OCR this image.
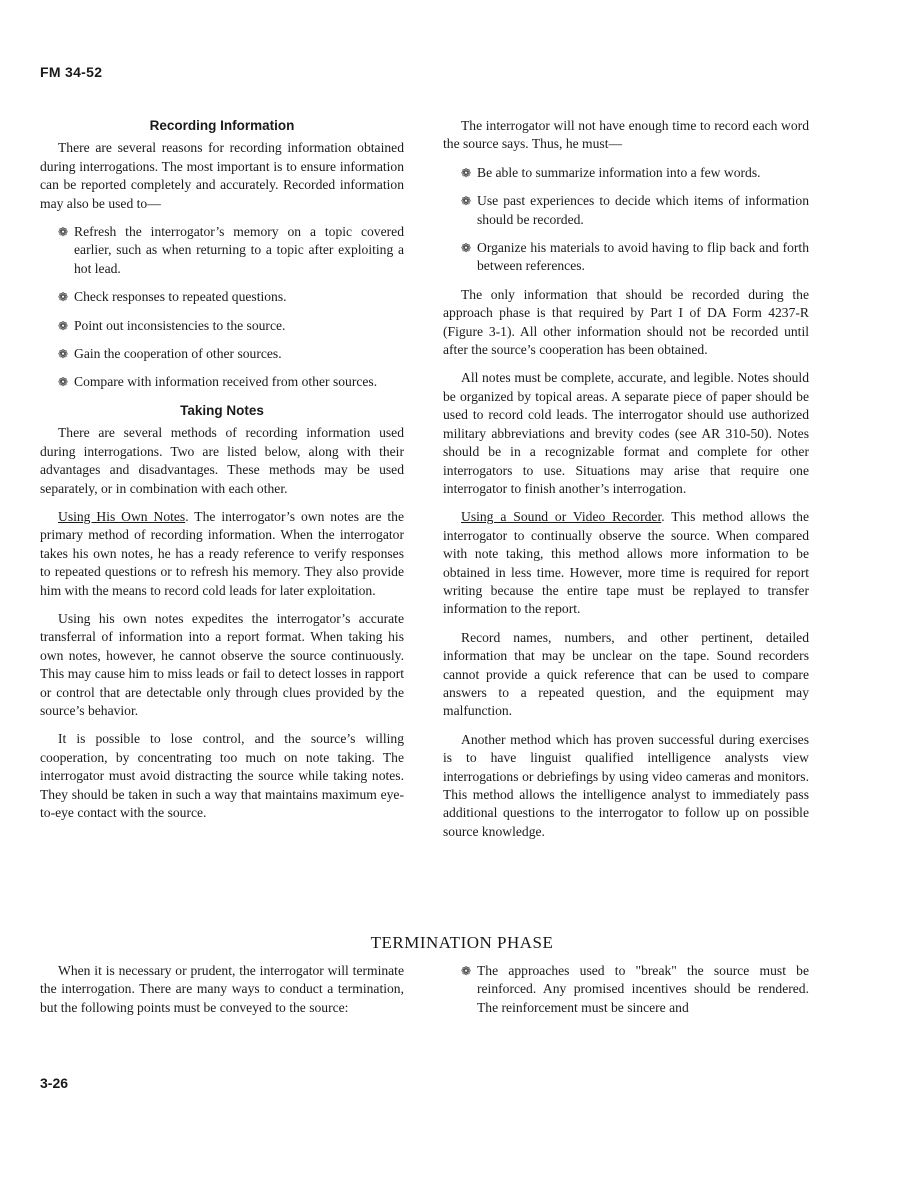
FM 34-52
Recording Information

There are several reasons for recording information obtained during interrogations. The most important is to ensure information can be reported completely and accurately. Recorded information may also be used to—

❁ Refresh the interrogator’s memory on a topic covered earlier, such as when returning to a topic after exploiting a hot lead.
❁ Check responses to repeated questions.
❁ Point out inconsistencies to the source.
❁ Gain the cooperation of other sources.
❁ Compare with information received from other sources.
Taking Notes

There are several methods of recording information used during interrogations. Two are listed below, along with their advantages and disadvantages. These methods may be used separately, or in combination with each other.

Using His Own Notes. The interrogator’s own notes are the primary method of recording information. When the interrogator takes his own notes, he has a ready reference to verify responses to repeated questions or to refresh his memory. They also provide him with the means to record cold leads for later exploitation.

Using his own notes expedites the interrogator’s accurate transferral of information into a report format. When taking his own notes, however, he cannot observe the source continuously. This may cause him to miss leads or fail to detect losses in rapport or control that are detectable only through clues provided by the source’s behavior.

It is possible to lose control, and the source’s willing cooperation, by concentrating too much on note taking. The interrogator must avoid distracting the source while taking notes. They should be taken in such a way that maintains maximum eye-to-eye contact with the source.

The interrogator will not have enough time to record each word the source says. Thus, he must—

❁ Be able to summarize information into a few words.
❁ Use past experiences to decide which items of information should be recorded.
❁ Organize his materials to avoid having to flip back and forth between references.

The only information that should be recorded during the approach phase is that required by Part I of DA Form 4237-R (Figure 3-1). All other information should not be recorded until after the source’s cooperation has been obtained.

All notes must be complete, accurate, and legible. Notes should be organized by topical areas. A separate piece of paper should be used to record cold leads. The interrogator should use authorized military abbreviations and brevity codes (see AR 310-50). Notes should be in a recognizable format and complete for other interrogators to use. Situations may arise that require one interrogator to finish another’s interrogation.

Using a Sound or Video Recorder. This method allows the interrogator to continually observe the source. When compared with note taking, this method allows more information to be obtained in less time. However, more time is required for report writing because the entire tape must be replayed to transfer information to the report.

Record names, numbers, and other pertinent, detailed information that may be unclear on the tape. Sound recorders cannot provide a quick reference that can be used to compare answers to a repeated question, and the equipment may malfunction.

Another method which has proven successful during exercises is to have linguist qualified intelligence analysts view interrogations or debriefings by using video cameras and monitors. This method allows the intelligence analyst to immediately pass additional questions to the interrogator to follow up on possible source knowledge.

TERMINATION PHASE

When it is necessary or prudent, the interrogator will terminate the interrogation. There are many ways to conduct a termination, but the following points must be conveyed to the source:

❁ The approaches used to "break" the source must be reinforced. Any promised incentives should be rendered. The reinforcement must be sincere and
3-26
